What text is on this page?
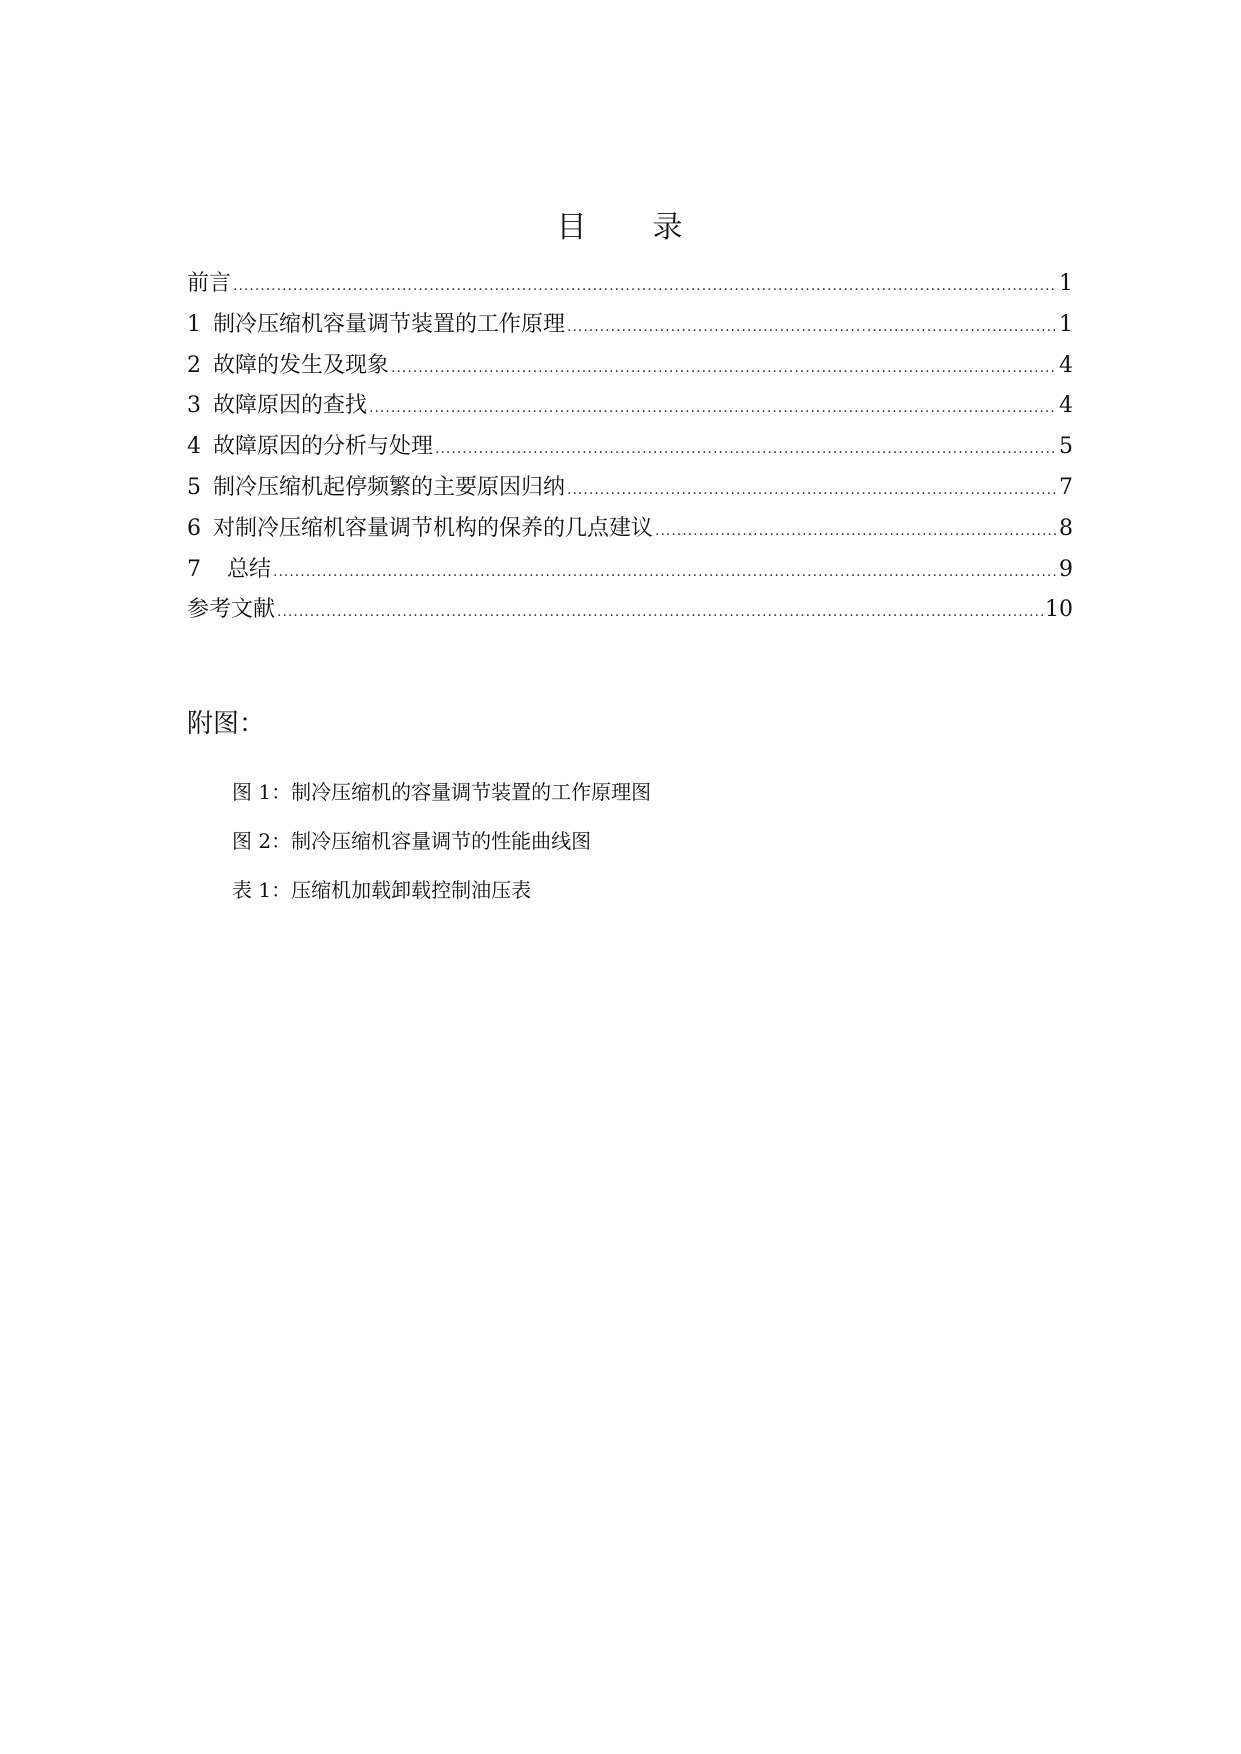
目　　录
前言 .....	1
1 制冷压缩机容量调节装置的工作原理 .....	1
2 故障的发生及现象 .....	4
3 故障原因的查找 .....	4
4 故障原因的分析与处理 .....	5
5 制冷压缩机起停频繁的主要原因归纳 .....	7
6 对制冷压缩机容量调节机构的保养的几点建议 .....	8
7 总结 .....	9
参考文献 .....	10
附图：
图 1：制冷压缩机的容量调节装置的工作原理图
图 2：制冷压缩机容量调节的性能曲线图
表 1：压缩机加载卸载控制油压表
